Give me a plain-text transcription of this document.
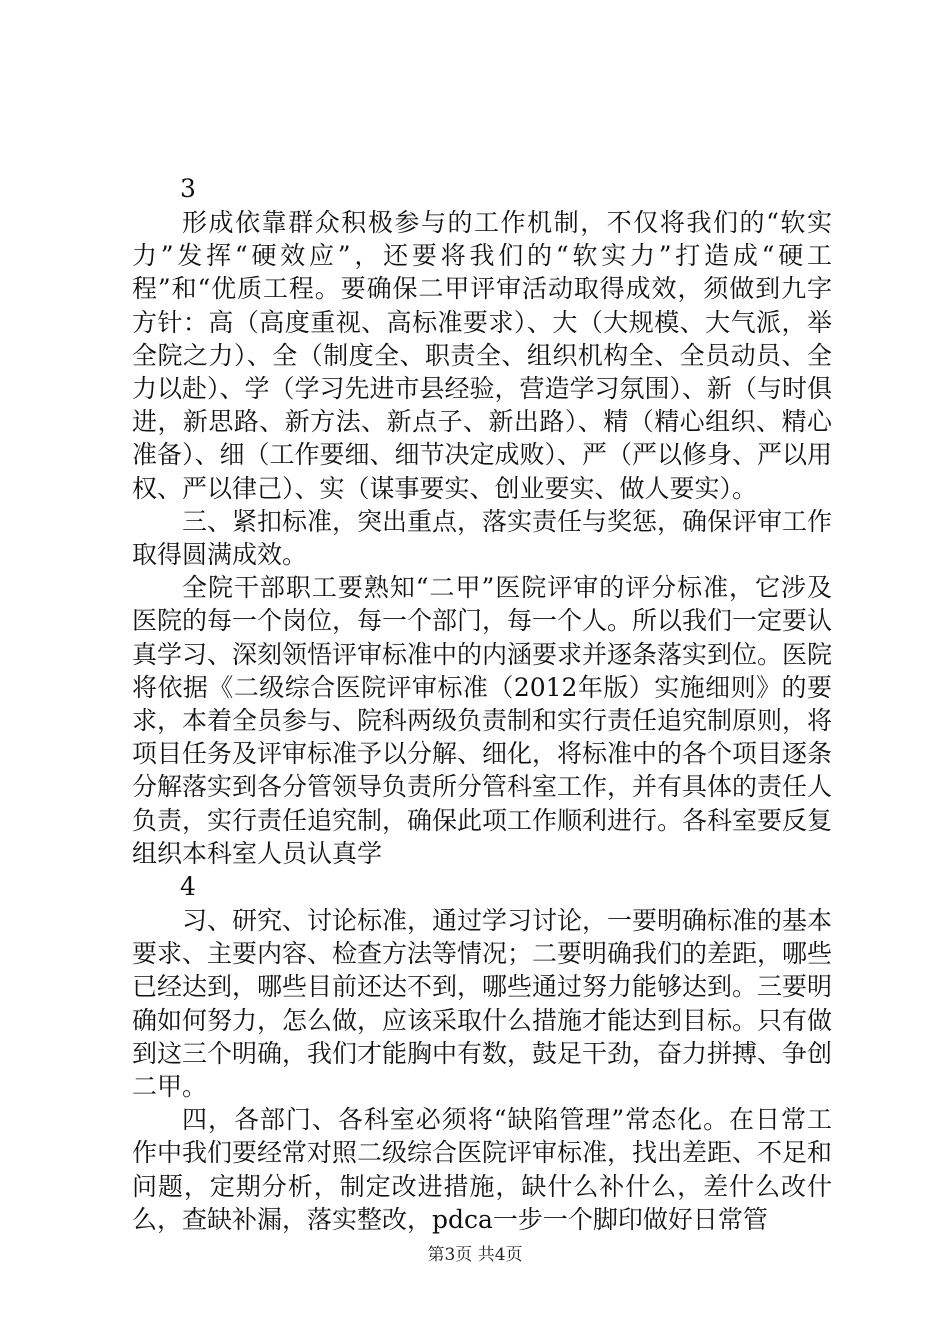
3

形成依靠群众积极参与的工作机制，不仅将我们的“软实力”发挥“硬效应”，还要将我们的“软实力”打造成“硬工程”和“优质工程。要确保二甲评审活动取得成效，须做到九字方针：高（高度重视、高标准要求）、大（大规模、大气派，举全院之力）、全（制度全、职责全、组织机构全、全员动员、全力以赴）、学（学习先进市县经验，营造学习氛围）、新（与时俱进，新思路、新方法、新点子、新出路）、精（精心组织、精心准备）、细（工作要细、细节决定成败）、严（严以修身、严以用权、严以律己）、实（谋事要实、创业要实、做人要实）。

三、紧扣标准，突出重点，落实责任与奖惩，确保评审工作取得圆满成效。

全院干部职工要熟知“二甲”医院评审的评分标准，它涉及医院的每一个岗位，每一个部门，每一个人。所以我们一定要认真学习、深刻领悟评审标准中的内涵要求并逐条落实到位。医院将依据《二级综合医院评审标准（2012年版）实施细则》的要求，本着全员参与、院科两级负责制和实行责任追究制原则，将项目任务及评审标准予以分解、细化，将标准中的各个项目逐条分解落实到各分管领导负责所分管科室工作，并有具体的责任人负责，实行责任追究制，确保此项工作顺利进行。各科室要反复组织本科室人员认真学

4

习、研究、讨论标准，通过学习讨论，一要明确标准的基本要求、主要内容、检查方法等情况；二要明确我们的差距，哪些已经达到，哪些目前还达不到，哪些通过努力能够达到。三要明确如何努力，怎么做，应该采取什么措施才能达到目标。只有做到这三个明确，我们才能胸中有数，鼓足干劲，奋力拼搏、争创二甲。

四，各部门、各科室必须将“缺陷管理”常态化。在日常工作中我们要经常对照二级综合医院评审标准，找出差距、不足和问题，定期分析，制定改进措施，缺什么补什么，差什么改什么，查缺补漏，落实整改，pdca一步一个脚印做好日常管

第3页 共4页
